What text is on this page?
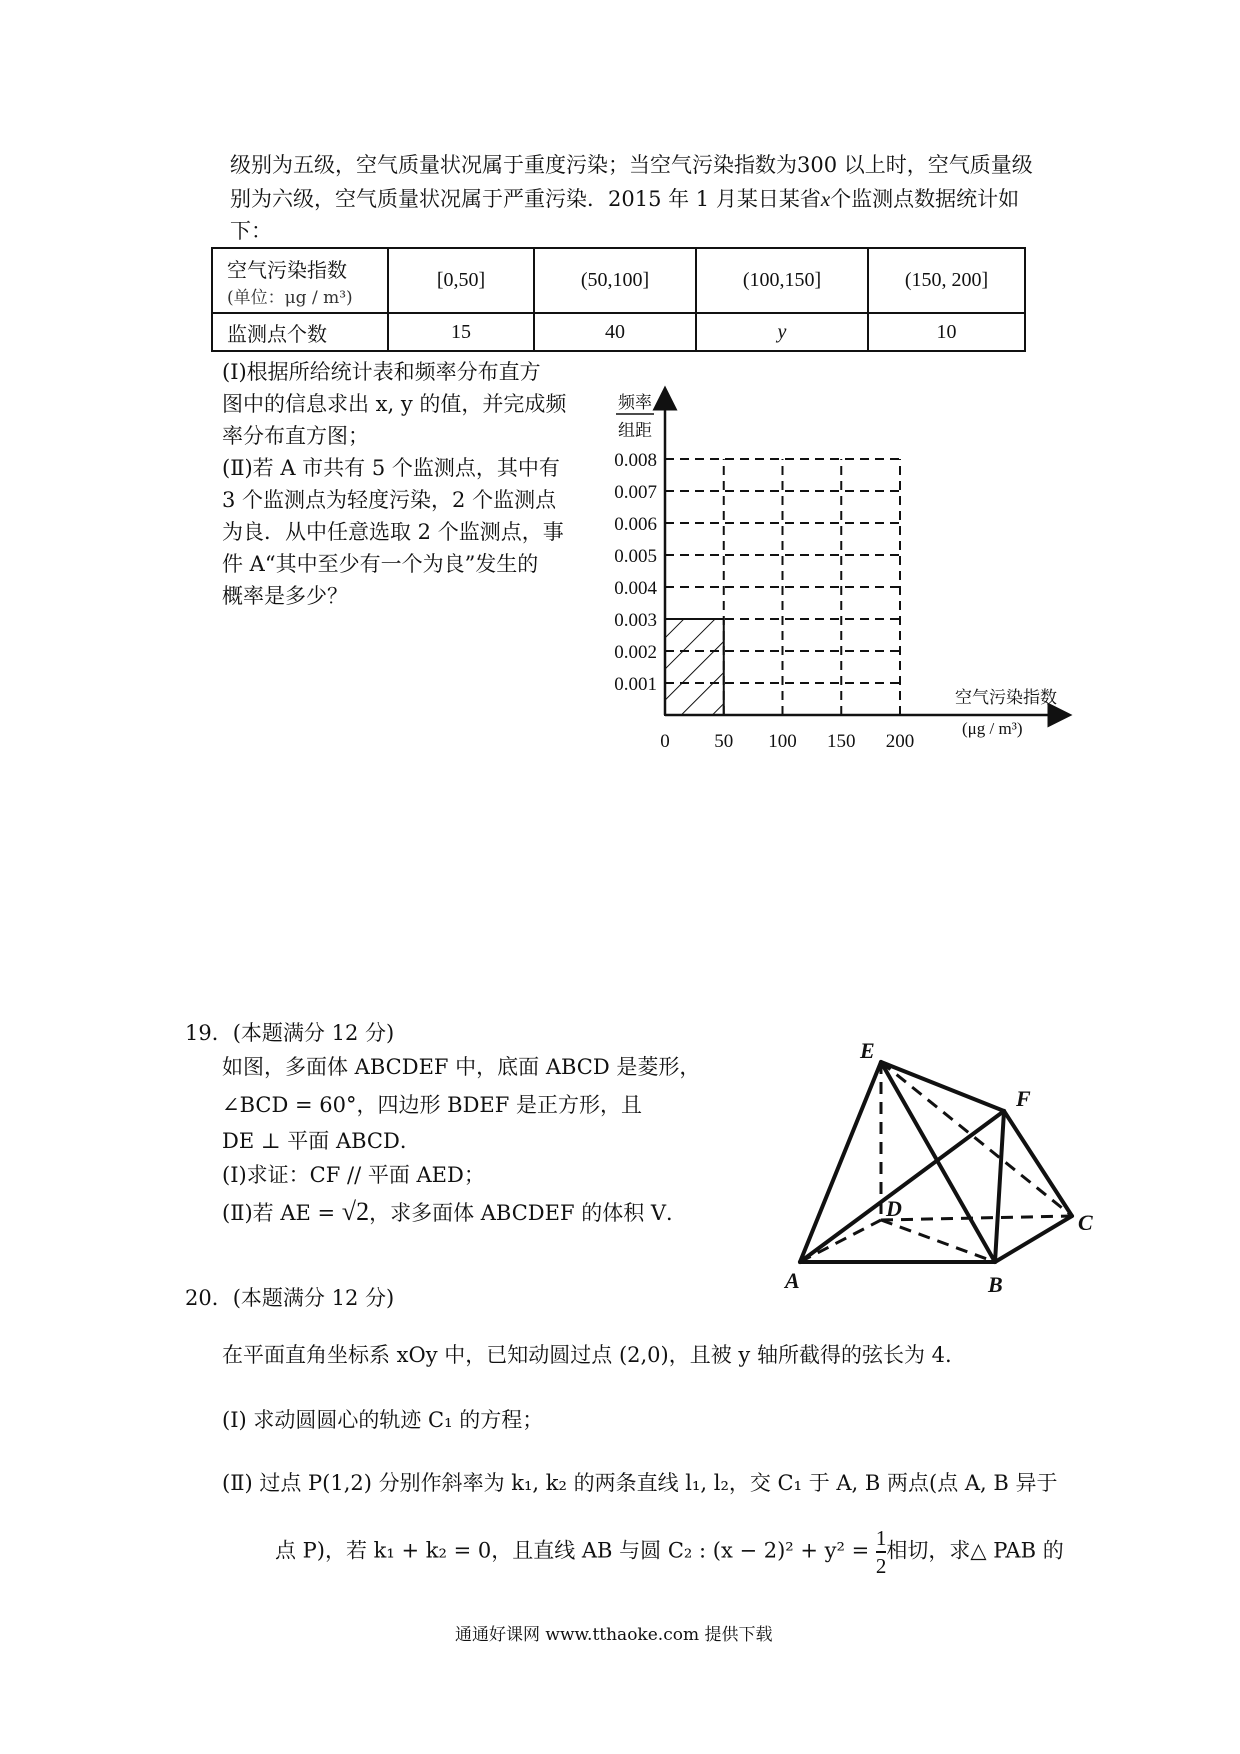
级别为五级，空气质量状况属于重度污染；当空气污染指数为300 以上时，空气质量级
别为六级，空气质量状况属于严重污染．2015 年 1 月某日某省x个监测点数据统计如
下：
空气污染指数
(单位：μg / m³)	[0,50]	(50,100]	(100,150]	(150, 200]
监测点个数	15	40	y	10
(Ⅰ)根据所给统计表和频率分布直方
图中的信息求出 x, y 的值，并完成频
率分布直方图；
(Ⅱ)若 A 市共有 5 个监测点，其中有
3 个监测点为轻度污染，2 个监测点
为良．从中任意选取 2 个监测点，事
件 A“其中至少有一个为良”发生的
概率是多少？
0.001
0.002
0.003
0.004
0.005
0.006
0.007
0.008
0 50 100 150 200
频率
组距
空气污染指数
(μg / m³)
19．(本题满分 12 分)
如图，多面体 ABCDEF 中，底面 ABCD 是菱形，
∠BCD = 60°，四边形 BDEF 是正方形，且
DE ⊥ 平面 ABCD．
(Ⅰ)求证：CF // 平面 AED；
(Ⅱ)若 AE = √2，求多面体 ABCDEF 的体积 V．
E
F
D
C
A	B
20．(本题满分 12 分)
在平面直角坐标系 xOy 中，已知动圆过点 (2,0)，且被 y 轴所截得的弦长为 4.
(Ⅰ) 求动圆圆心的轨迹 C₁ 的方程；
(Ⅱ) 过点 P(1,2) 分别作斜率为 k₁, k₂ 的两条直线 l₁, l₂，交 C₁ 于 A, B 两点(点 A, B 异于
点 P)，若 k₁ + k₂ = 0，且直线 AB 与圆 C₂ : $(x - 2)^2 + y^2 = \frac{1}{2}$ 相切，求△ PAB 的
通通好课网 www.tthaoke.com 提供下载
